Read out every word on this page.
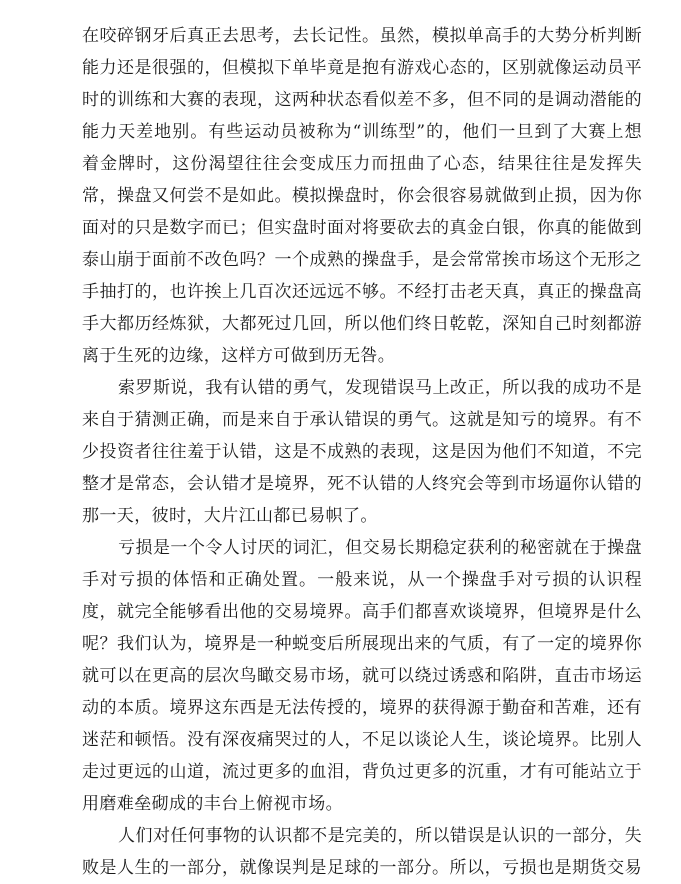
在咬碎钢牙后真正去思考，去长记性。虽然，模拟单高手的大势分析判断
能力还是很强的，但模拟下单毕竟是抱有游戏心态的，区别就像运动员平
时的训练和大赛的表现，这两种状态看似差不多，但不同的是调动潜能的
能力天差地别。有些运动员被称为“训练型”的，他们一旦到了大赛上想
着金牌时，这份渴望往往会变成压力而扭曲了心态，结果往往是发挥失
常，操盘又何尝不是如此。模拟操盘时，你会很容易就做到止损，因为你
面对的只是数字而已；但实盘时面对将要砍去的真金白银，你真的能做到
泰山崩于面前不改色吗？一个成熟的操盘手，是会常常挨市场这个无形之
手抽打的，也许挨上几百次还远远不够。不经打击老天真，真正的操盘高
手大都历经炼狱，大都死过几回，所以他们终日乾乾，深知自己时刻都游
离于生死的边缘，这样方可做到历无咎。
索罗斯说，我有认错的勇气，发现错误马上改正，所以我的成功不是
来自于猜测正确，而是来自于承认错误的勇气。这就是知亏的境界。有不
少投资者往往羞于认错，这是不成熟的表现，这是因为他们不知道，不完
整才是常态，会认错才是境界，死不认错的人终究会等到市场逼你认错的
那一天，彼时，大片江山都已易帜了。
亏损是一个令人讨厌的词汇，但交易长期稳定获利的秘密就在于操盘
手对亏损的体悟和正确处置。一般来说，从一个操盘手对亏损的认识程
度，就完全能够看出他的交易境界。高手们都喜欢谈境界，但境界是什么
呢？我们认为，境界是一种蜕变后所展现出来的气质，有了一定的境界你
就可以在更高的层次鸟瞰交易市场，就可以绕过诱惑和陷阱，直击市场运
动的本质。境界这东西是无法传授的，境界的获得源于勤奋和苦难，还有
迷茫和顿悟。没有深夜痛哭过的人，不足以谈论人生，谈论境界。比别人
走过更远的山道，流过更多的血泪，背负过更多的沉重，才有可能站立于
用磨难垒砌成的丰台上俯视市场。
人们对任何事物的认识都不是完美的，所以错误是认识的一部分，失
败是人生的一部分，就像误判是足球的一部分。所以，亏损也是期货交易
